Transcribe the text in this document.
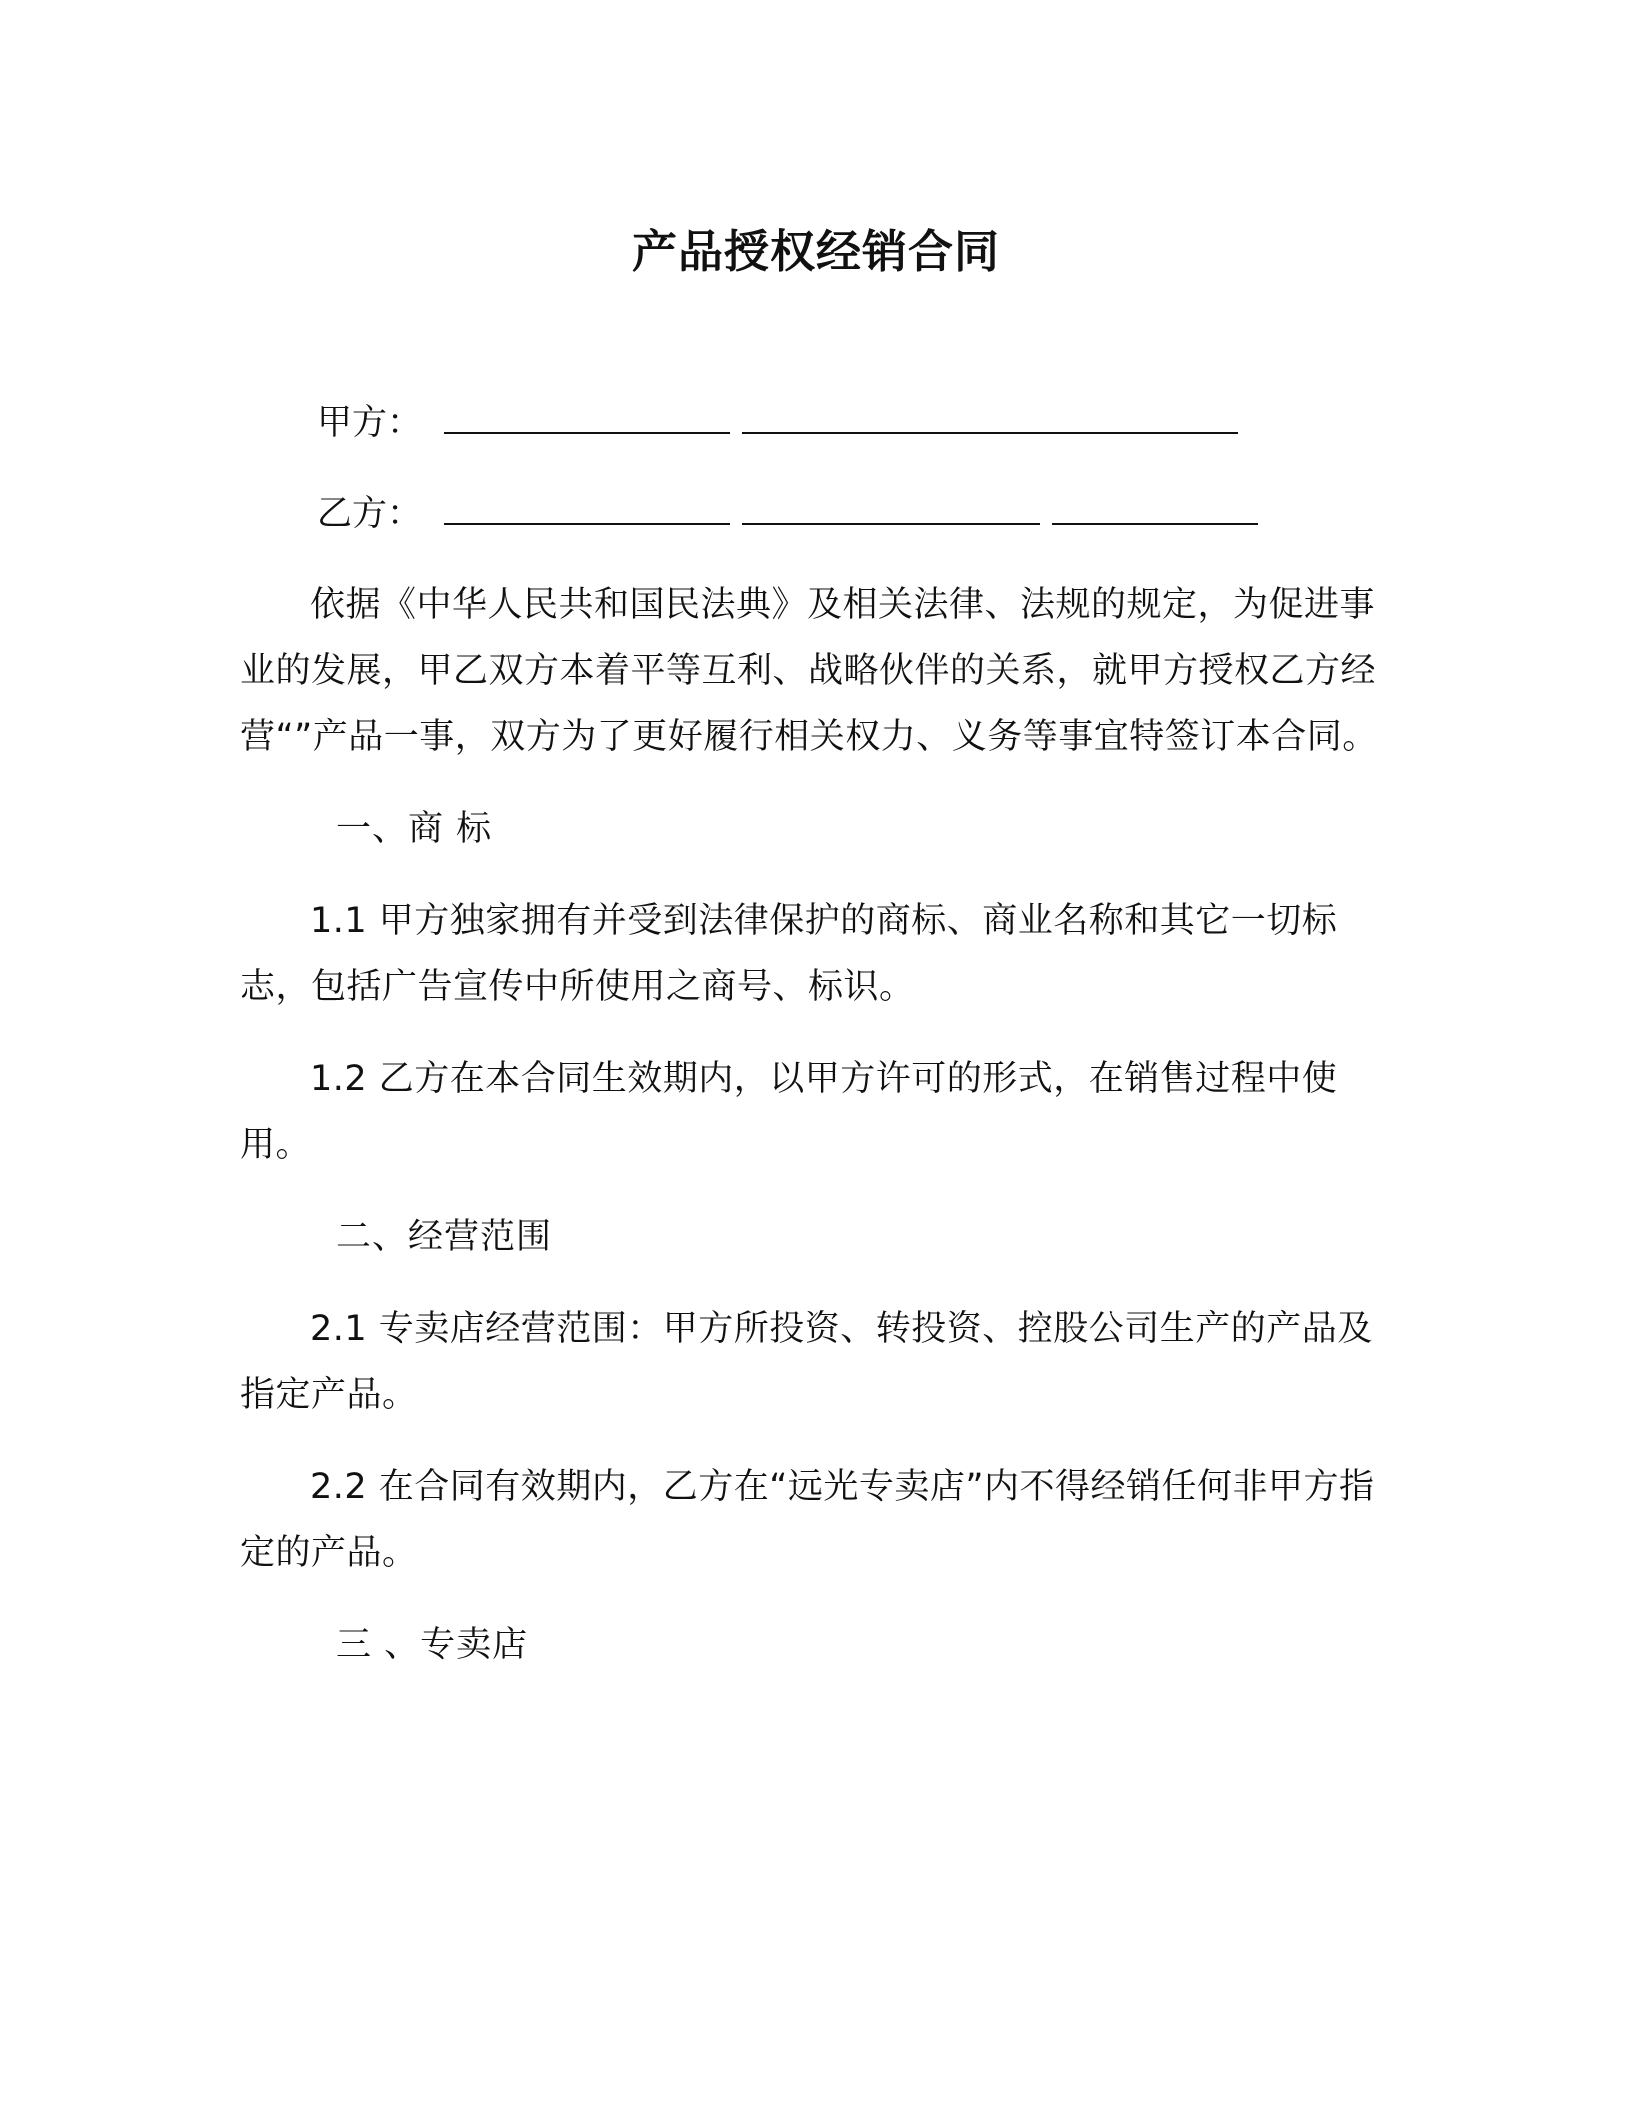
产品授权经销合同
甲方：
乙方：

依据《中华人民共和国民法典》及相关法律、法规的规定，为促进事业的发展，甲乙双方本着平等互利、战略伙伴的关系，就甲方授权乙方经营“”产品一事，双方为了更好履行相关权力、义务等事宜特签订本合同。

一、商 标

1.1 甲方独家拥有并受到法律保护的商标、商业名称和其它一切标志，包括广告宣传中所使用之商号、标识。

1.2 乙方在本合同生效期内，以甲方许可的形式，在销售过程中使用。

二、经营范围

2.1 专卖店经营范围：甲方所投资、转投资、控股公司生产的产品及指定产品。

2.2 在合同有效期内，乙方在“远光专卖店”内不得经销任何非甲方指定的产品。

三 、专卖店
